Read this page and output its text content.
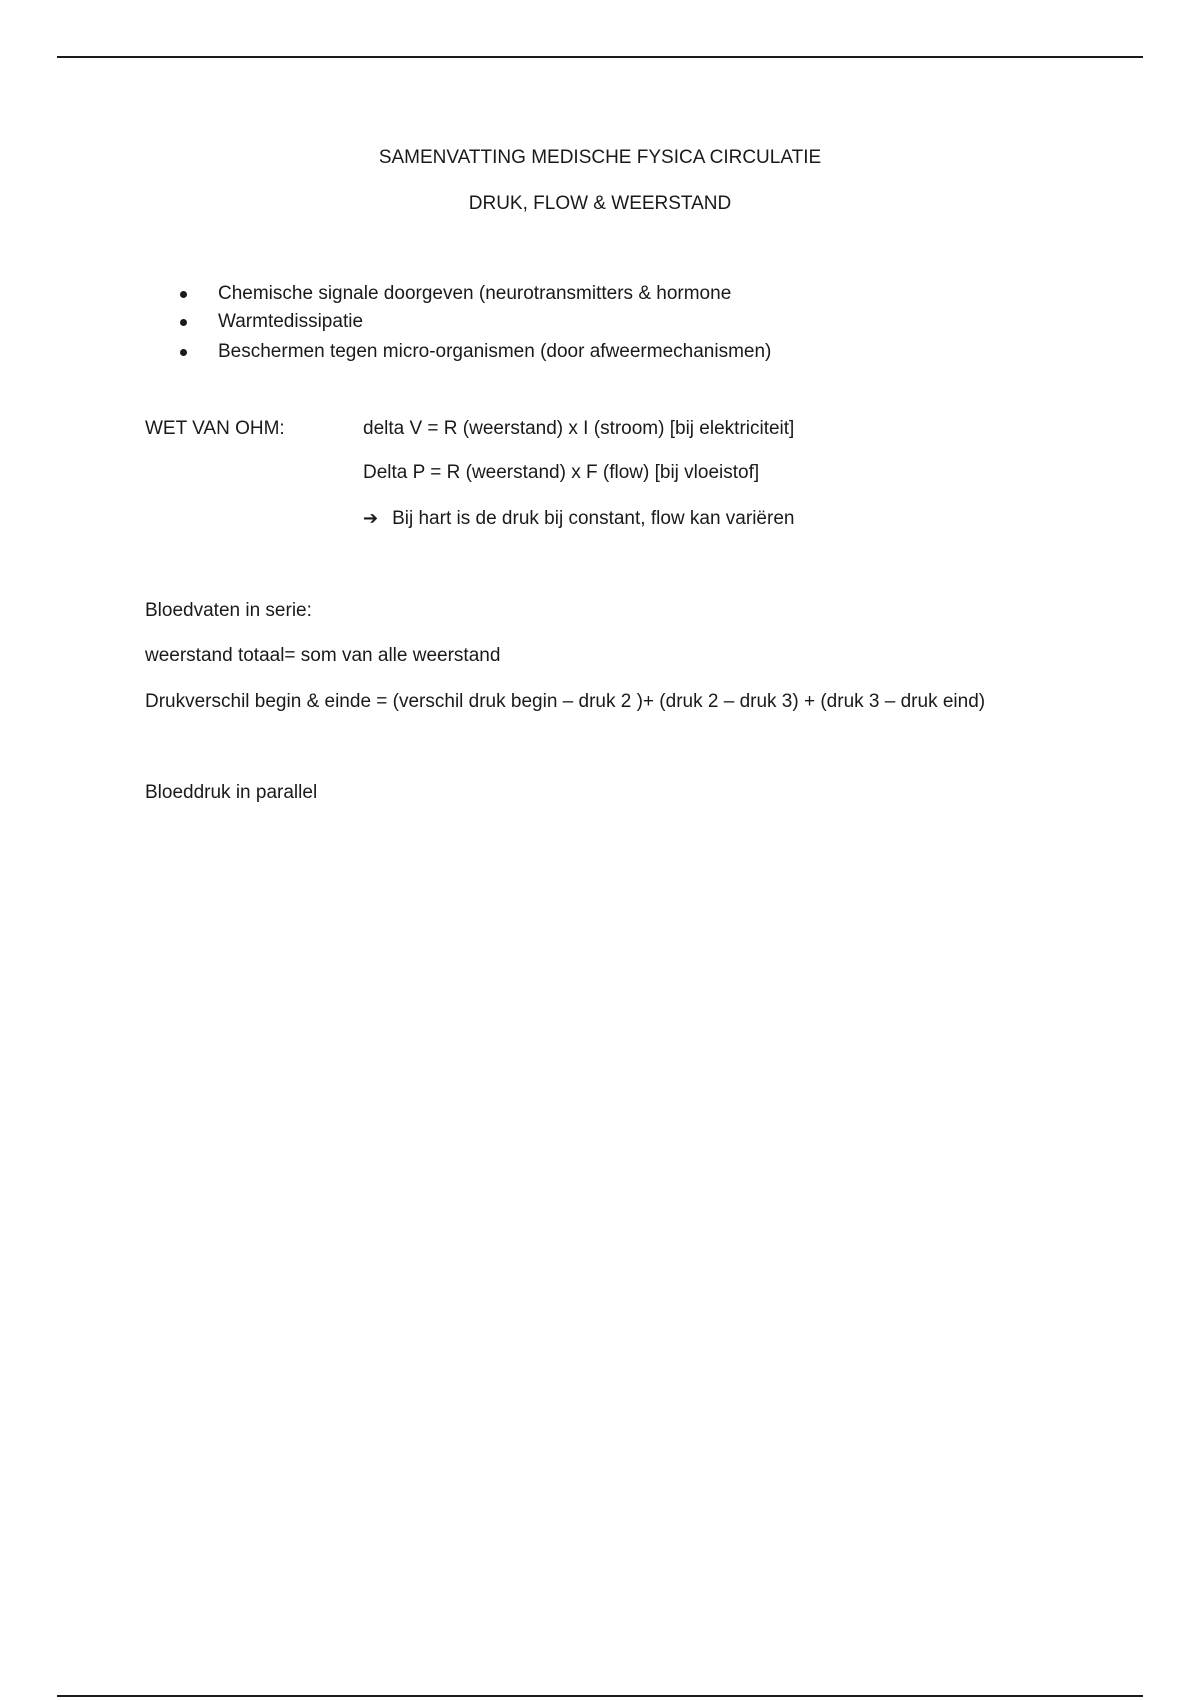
SAMENVATTING MEDISCHE FYSICA CIRCULATIE
DRUK, FLOW & WEERSTAND
Chemische signale doorgeven (neurotransmitters & hormone
Warmtedissipatie
Beschermen tegen micro-organismen (door afweermechanismen)
WET VAN OHM:	delta V = R (weerstand) x I (stroom) [bij elektriciteit]
Delta P = R (weerstand) x F (flow) [bij vloeistof]
➔ Bij hart is de druk bij constant, flow kan variëren
Bloedvaten in serie:
weerstand totaal= som van alle weerstand
Drukverschil begin & einde = (verschil druk begin – druk 2 )+ (druk 2 – druk 3) + (druk 3 – druk eind)
Bloeddruk in parallel
